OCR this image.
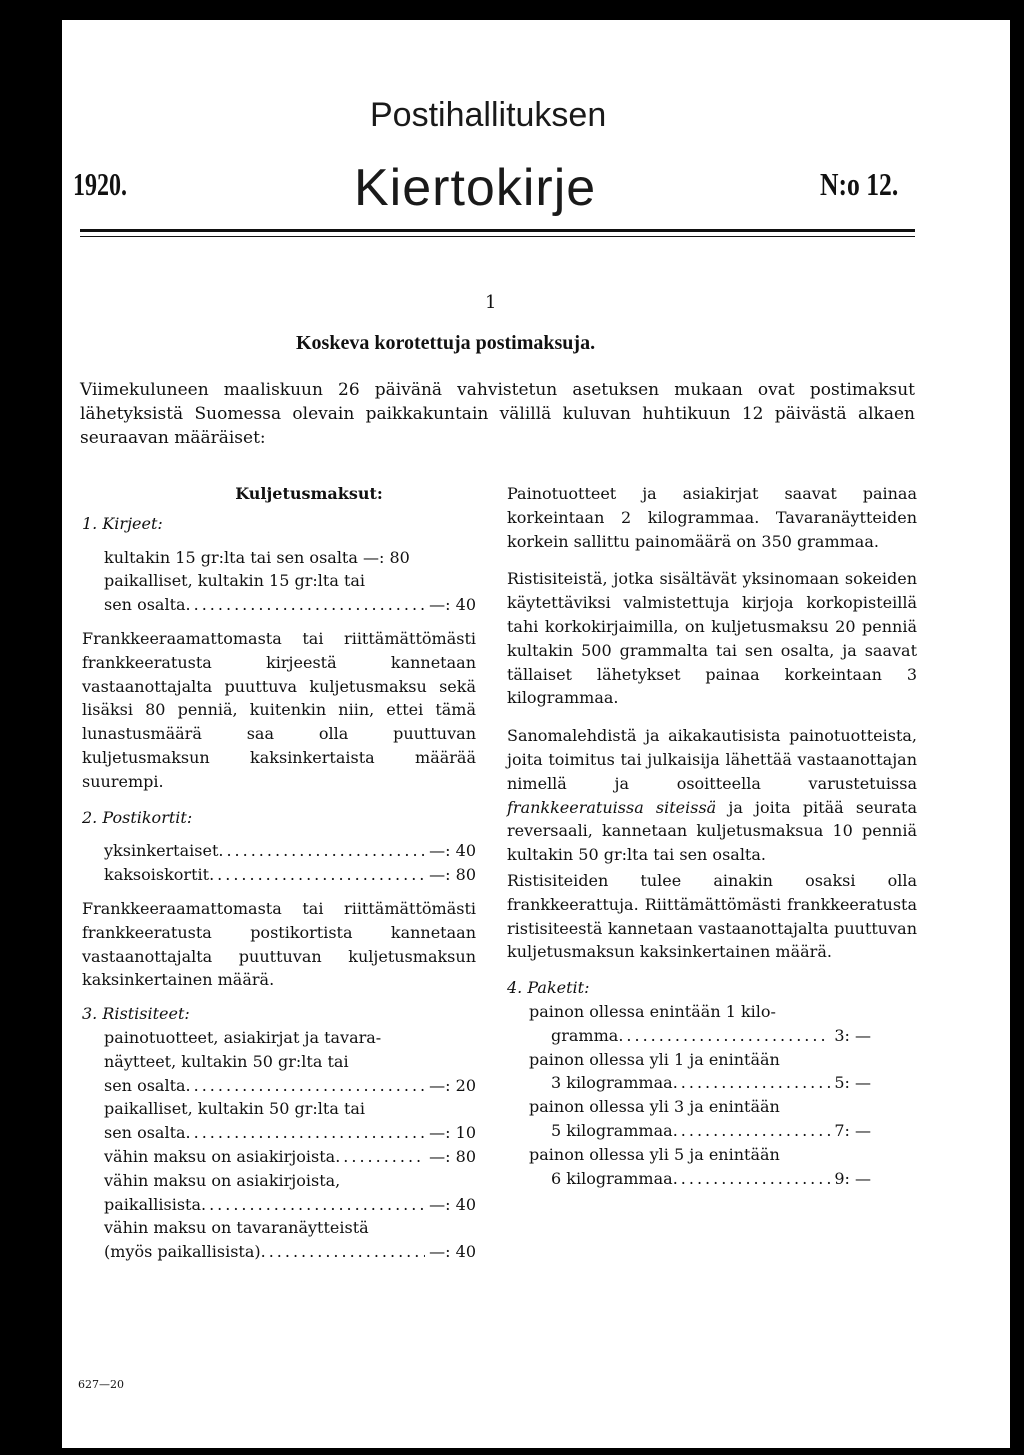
Postihallituksen
1920.	Kiertokirje	N:o 12.
1
Koskeva korotettuja postimaksuja.
Viimekuluneen maaliskuun 26 päivänä vahvistetun asetuksen mukaan ovat postimaksut lähetyksistä Suomessa olevain paikkakuntain välillä kuluvan huhtikuun 12 päivästä alkaen seuraavan määräiset:
Kuljetusmaksut:
1. Kirjeet:
kultakin 15 gr:lta tai sen osalta —: 80
paikalliset, kultakin 15 gr:lta tai
sen osalta .....	—: 40

Frankkeeraamattomasta tai riittämättömästi frankkeeratusta kirjeestä kannetaan vastaanottajalta puuttuva kuljetusmaksu sekä lisäksi 80 penniä, kuitenkin niin, ettei tämä lunastusmäärä saa olla puuttuvan kuljetusmaksun kaksinkertaista määrää suurempi.

2. Postikortit:
yksinkertaiset .....	—: 40
kaksoiskortit .....	—: 80

Frankkeeraamattomasta tai riittämättömästi frankkeeratusta postikortista kannetaan vastaanottajalta puuttuvan kuljetusmaksun kaksinkertainen määrä.

3. Ristisiteet:
painotuotteet, asiakirjat ja tavara-
näytteet, kultakin 50 gr:lta tai
sen osalta .....	—: 20
paikalliset, kultakin 50 gr:lta tai
sen osalta .....	—: 10
vähin maksu on asiakirjoista .....	—: 80
vähin maksu on asiakirjoista,
paikallisista .....	—: 40
vähin maksu on tavaranäytteistä
(myös paikallisista) .....	—: 40

Painotuotteet ja asiakirjat saavat painaa korkeintaan 2 kilogrammaa. Tavaranäytteiden korkein sallittu painomäärä on 350 grammaa.

Ristisiteistä, jotka sisältävät yksinomaan sokeiden käytettäviksi valmistettuja kirjoja korkopisteillä tahi korkokirjaimilla, on kuljetusmaksu 20 penniä kultakin 500 grammalta tai sen osalta, ja saavat tällaiset lähetykset painaa korkeintaan 3 kilogrammaa.

Sanomalehdistä ja aikakautisista painotuotteista, joita toimitus tai julkaisija lähettää vastaanottajan nimellä ja osoitteella varustetuissa frankkeeratuissa siteissä ja joita pitää seurata reversaali, kannetaan kuljetusmaksua 10 penniä kultakin 50 gr:lta tai sen osalta.

Ristisiteiden tulee ainakin osaksi olla frankkeerattuja. Riittämättömästi frankkeeratusta ristisiteestä kannetaan vastaanottajalta puuttuvan kuljetusmaksun kaksinkertainen määrä.

4. Paketit:
painon ollessa enintään 1 kilo-
gramma .....	3: —
painon ollessa yli 1 ja enintään
3 kilogrammaa .....	5: —
painon ollessa yli 3 ja enintään
5 kilogrammaa .....	7: —
painon ollessa yli 5 ja enintään
6 kilogrammaa .....	9: —
627—20
